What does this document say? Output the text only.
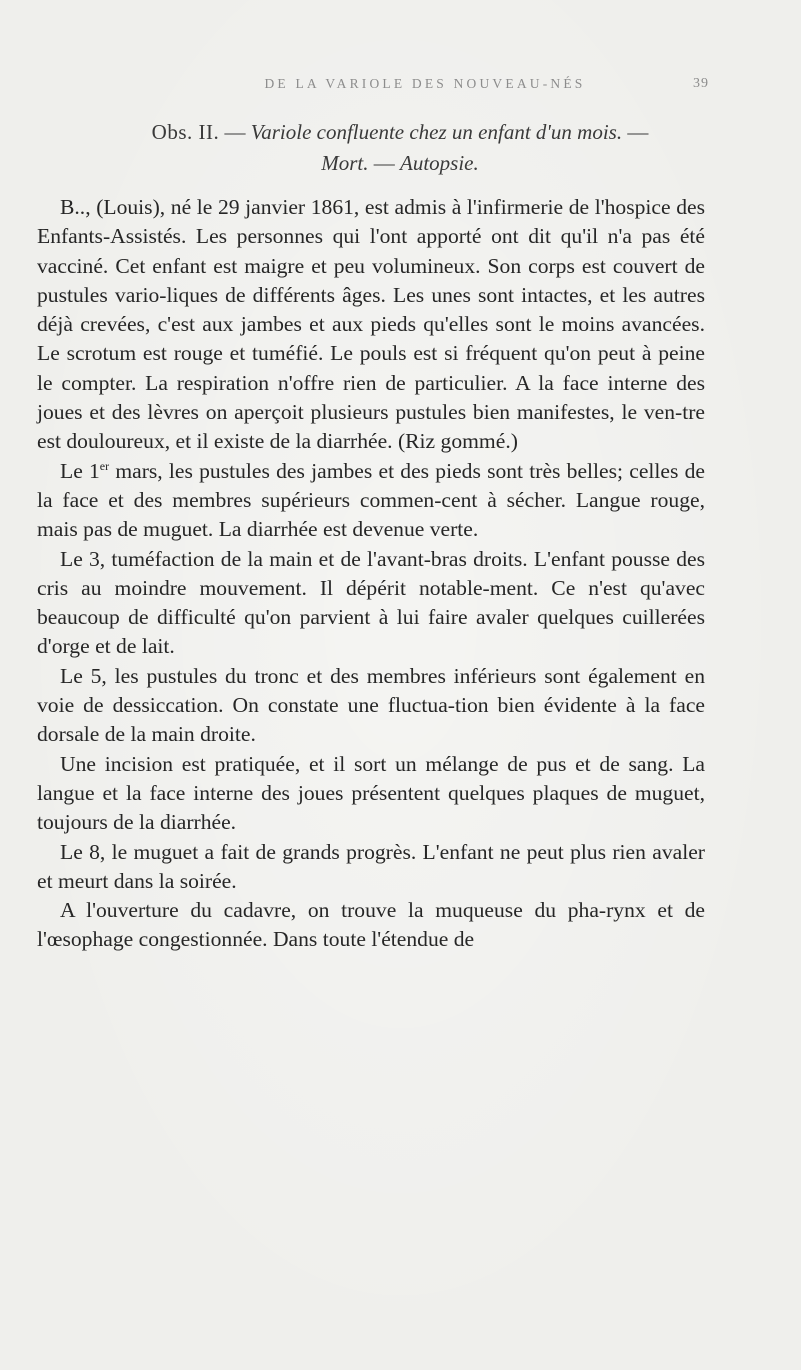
DE LA VARIOLE DES NOUVEAU-NÉS	39
Obs. II. — Variole confluente chez un enfant d'un mois. —
Mort. — Autopsie.

B.., (Louis), né le 29 janvier 1861, est admis à l'infirmerie de l'hospice des Enfants-Assistés. Les personnes qui l'ont apporté ont dit qu'il n'a pas été vacciné. Cet enfant est maigre et peu volumineux. Son corps est couvert de pustules vario-liques de différents âges. Les unes sont intactes, et les autres déjà crevées, c'est aux jambes et aux pieds qu'elles sont le moins avancées. Le scrotum est rouge et tuméfié. Le pouls est si fréquent qu'on peut à peine le compter. La respiration n'offre rien de particulier. A la face interne des joues et des lèvres on aperçoit plusieurs pustules bien manifestes, le ven-tre est douloureux, et il existe de la diarrhée. (Riz gommé.)

Le 1er mars, les pustules des jambes et des pieds sont très belles; celles de la face et des membres supérieurs commen-cent à sécher. Langue rouge, mais pas de muguet. La diarrhée est devenue verte.

Le 3, tuméfaction de la main et de l'avant-bras droits. L'enfant pousse des cris au moindre mouvement. Il dépérit notable-ment. Ce n'est qu'avec beaucoup de difficulté qu'on parvient à lui faire avaler quelques cuillerées d'orge et de lait.

Le 5, les pustules du tronc et des membres inférieurs sont également en voie de dessiccation. On constate une fluctua-tion bien évidente à la face dorsale de la main droite.

Une incision est pratiquée, et il sort un mélange de pus et de sang. La langue et la face interne des joues présentent quelques plaques de muguet, toujours de la diarrhée.

Le 8, le muguet a fait de grands progrès. L'enfant ne peut plus rien avaler et meurt dans la soirée.

A l'ouverture du cadavre, on trouve la muqueuse du pha-rynx et de l'œsophage congestionnée. Dans toute l'étendue de
